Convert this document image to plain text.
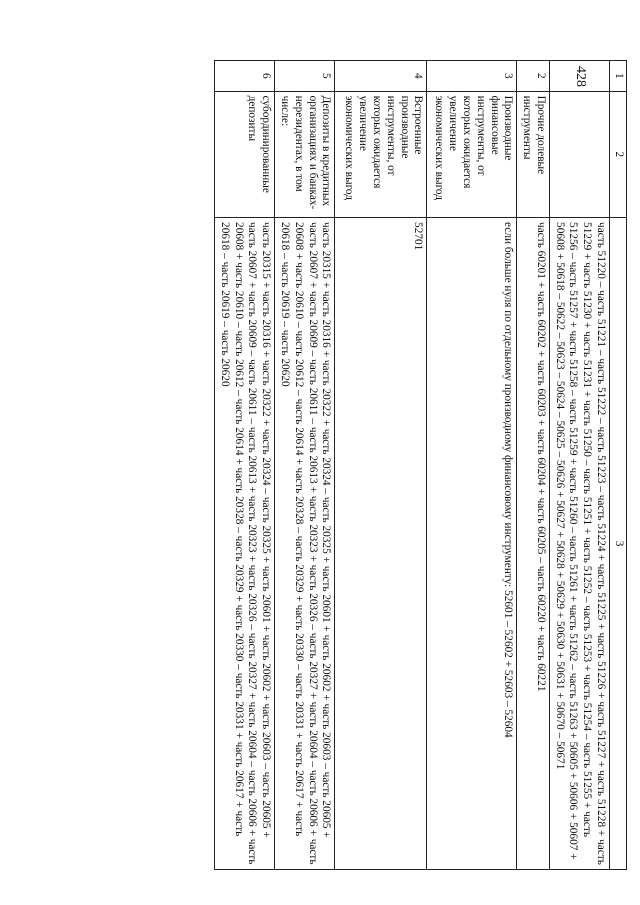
428 1	2	3
		часть 51220 – часть 51221 – часть 51222 – часть 51223 – часть 51224 + часть 51225 + часть 51226 + часть 51227 + часть 51228 + часть 51229 + часть 51230 + часть 51231 + часть 51250 – часть 51251 + часть 51252 – часть 51253 + часть 51254 – часть 51255 + часть 51256 – часть 51257 + часть 51258 – часть 51259 + часть 51260 – часть 51261 + часть 51262 – часть 51263 + 50605 + 50606 + 50607 + 50608 + 50618 – 50622 – 50623 – 50624 – 50625 – 50626 + 50627 + 50628 + 50629 + 50630 + 50631 + 50670 – 50671
2	Прочие долевые инструменты	часть 60201 + часть 60202 + часть 60203 + часть 60204 + часть 60205 – часть 60220 + часть 60221
3	Производные финансовые инструменты, от которых ожидается увеличение экономических выгод	если больше нуля по отдельному производному финансовому инструменту: 52601 – 52602 + 52603 – 52604
4	Встроенные производные инструменты, от которых ожидается увеличение экономических выгод	52701
5	Депозиты в кредитных организациях и банках-нерезидентах, в том числе:	часть 20315 + часть 20316 + часть 20322 + часть 20324 – часть 20325 + часть 20601 + часть 20602 + часть 20603 – часть 20605 + часть 20607 + часть 20609 – часть 20611 – часть 20613 + часть 20323 + часть 20326 – часть 20327 + часть 20604 – часть 20606 + часть 20608 + часть 20610 – часть 20612 – часть 20614 + часть 20328 – часть 20329 + часть 20330 – часть 20331 + часть 20617 + часть 20618 – часть 20619 – часть 20620
6	субординированные депозиты	часть 20315 + часть 20316 + часть 20322 + часть 20324 – часть 20325 + часть 20601 + часть 20602 + часть 20603 – часть 20605 + часть 20607 + часть 20609 – часть 20611 – часть 20613 + часть 20323 + часть 20326 – часть 20327 + часть 20604 – часть 20606 + часть 20608 + часть 20610 – часть 20612 – часть 20614 + часть 20328 – часть 20329 + часть 20330 – часть 20331 + часть 20617 + часть 20618 – часть 20619 – часть 20620
